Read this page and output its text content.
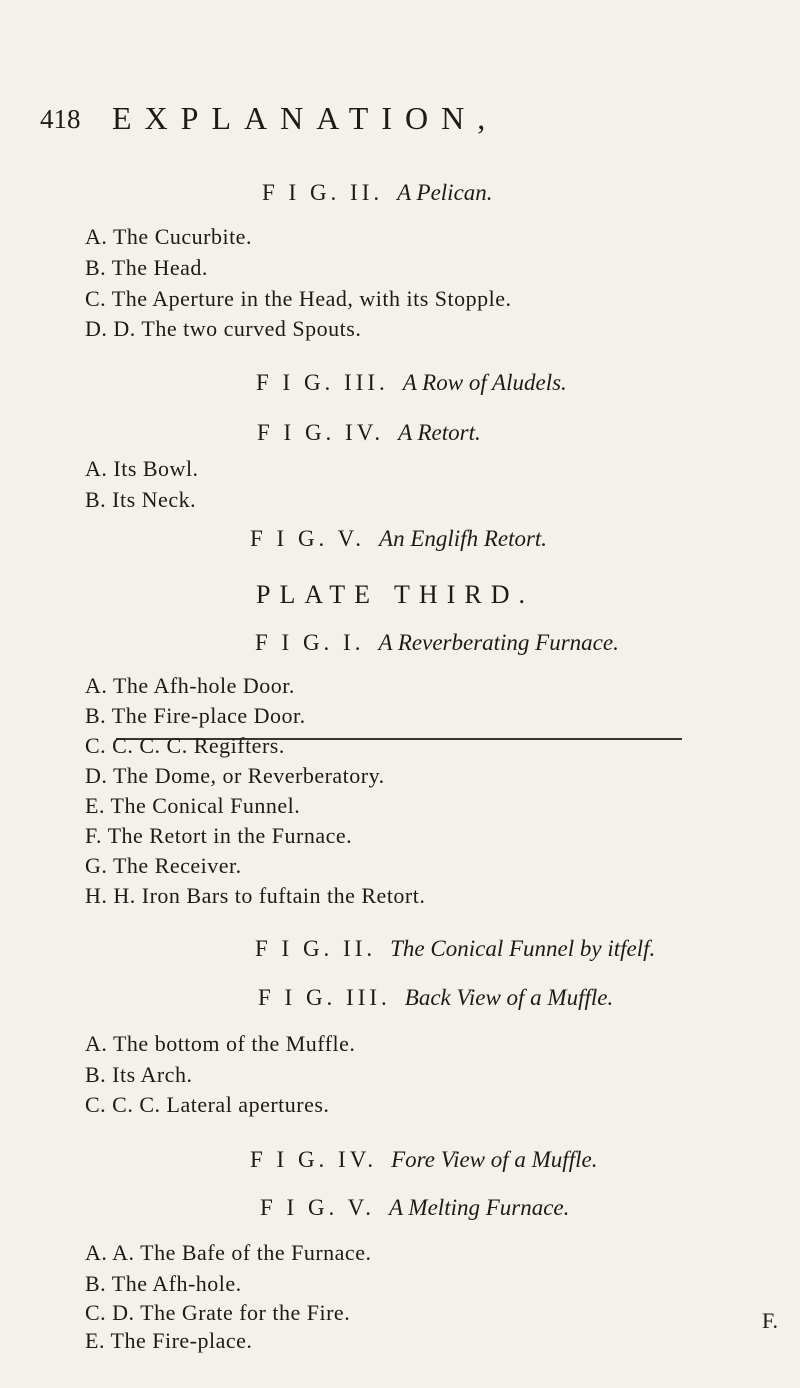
418 EXPLANATION,
F I G. II. A Pelican.
A. The Cucurbite.
B. The Head.
C. The Aperture in the Head, with its Stopple.
D. D. The two curved Spouts.
F I G. III. A Row of Aludels.
F I G. IV. A Retort.
A. Its Bowl.
B. Its Neck.
F I G. V. An Englifh Retort.
PLATE THIRD.
F I G. I. A Reverberating Furnace.
A. The Afh-hole Door.
B. The Fire-place Door.
C. C. C. C. Regifters.
D. The Dome, or Reverberatory.
E. The Conical Funnel.
F. The Retort in the Furnace.
G. The Receiver.
H. H. Iron Bars to fuftain the Retort.
F I G. II. The Conical Funnel by itfelf.
F I G. III. Back View of a Muffle.
A. The bottom of the Muffle.
B. Its Arch.
C. C. C. Lateral apertures.
F I G. IV. Fore View of a Muffle.
F I G. V. A Melting Furnace.
A. A. The Bafe of the Furnace.
B. The Afh-hole.
C. D. The Grate for the Fire.
E. The Fire-place.
F.
